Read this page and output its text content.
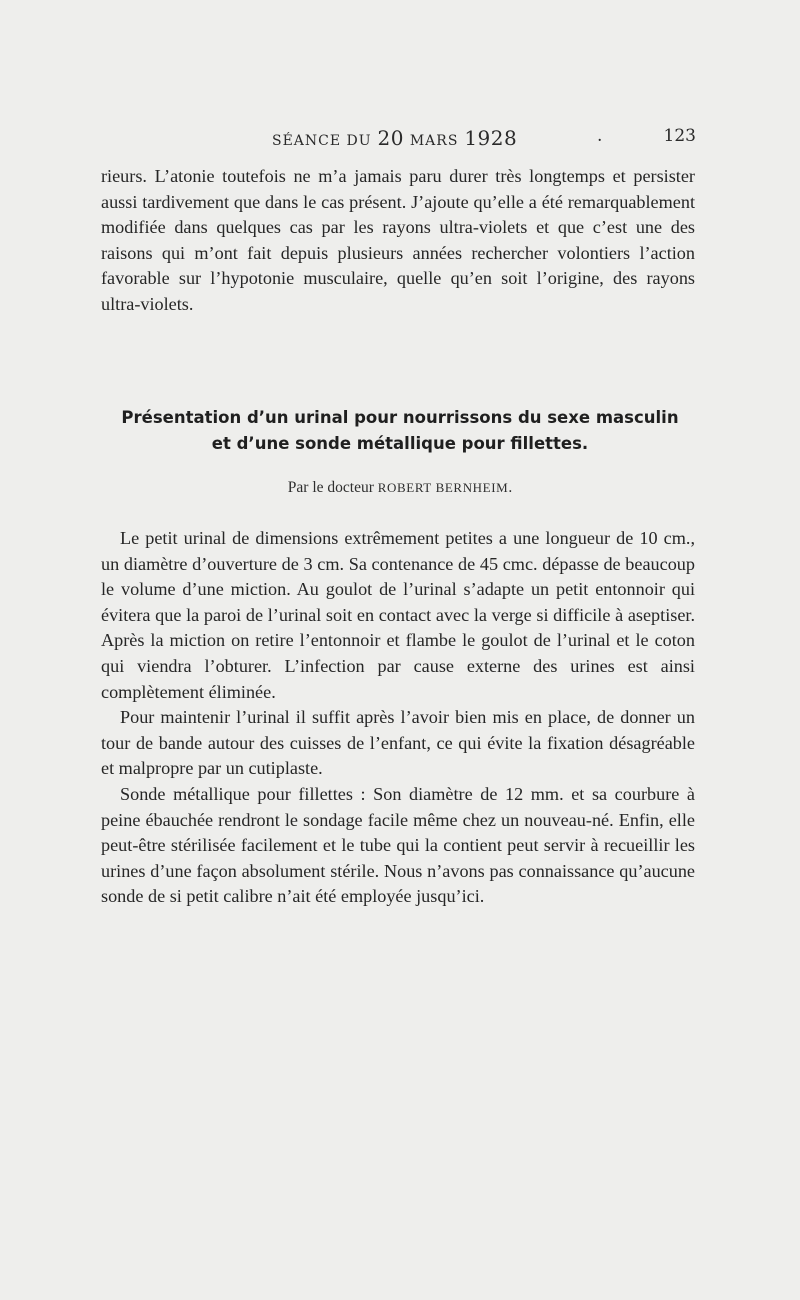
SÉANCE DU 20 MARS 1928	.	123

rieurs. L’atonie toutefois ne m’a jamais paru durer très longtemps et persister aussi tardivement que dans le cas présent. J’ajoute qu’elle a été remarquablement modifiée dans quelques cas par les rayons ultra-violets et que c’est une des raisons qui m’ont fait depuis plusieurs années rechercher volontiers l’action favorable sur l’hypotonie musculaire, quelle qu’en soit l’origine, des rayons ultra-violets.

Présentation d’un urinal pour nourrissons du sexe masculin
et d’une sonde métallique pour fillettes.
Par le docteur ROBERT BERNHEIM.

Le petit urinal de dimensions extrêmement petites a une longueur de 10 cm., un diamètre d’ouverture de 3 cm. Sa contenance de 45 cmc. dépasse de beaucoup le volume d’une miction. Au goulot de l’urinal s’adapte un petit entonnoir qui évitera que la paroi de l’urinal soit en contact avec la verge si difficile à aseptiser. Après la miction on retire l’entonnoir et flambe le goulot de l’urinal et le coton qui viendra l’obturer. L’infection par cause externe des urines est ainsi complètement éliminée.

Pour maintenir l’urinal il suffit après l’avoir bien mis en place, de donner un tour de bande autour des cuisses de l’enfant, ce qui évite la fixation désagréable et malpropre par un cutiplaste.

Sonde métallique pour fillettes : Son diamètre de 12 mm. et sa courbure à peine ébauchée rendront le sondage facile même chez un nouveau-né. Enfin, elle peut-être stérilisée facilement et le tube qui la contient peut servir à recueillir les urines d’une façon absolument stérile. Nous n’avons pas connaissance qu’aucune sonde de si petit calibre n’ait été employée jusqu’ici.
